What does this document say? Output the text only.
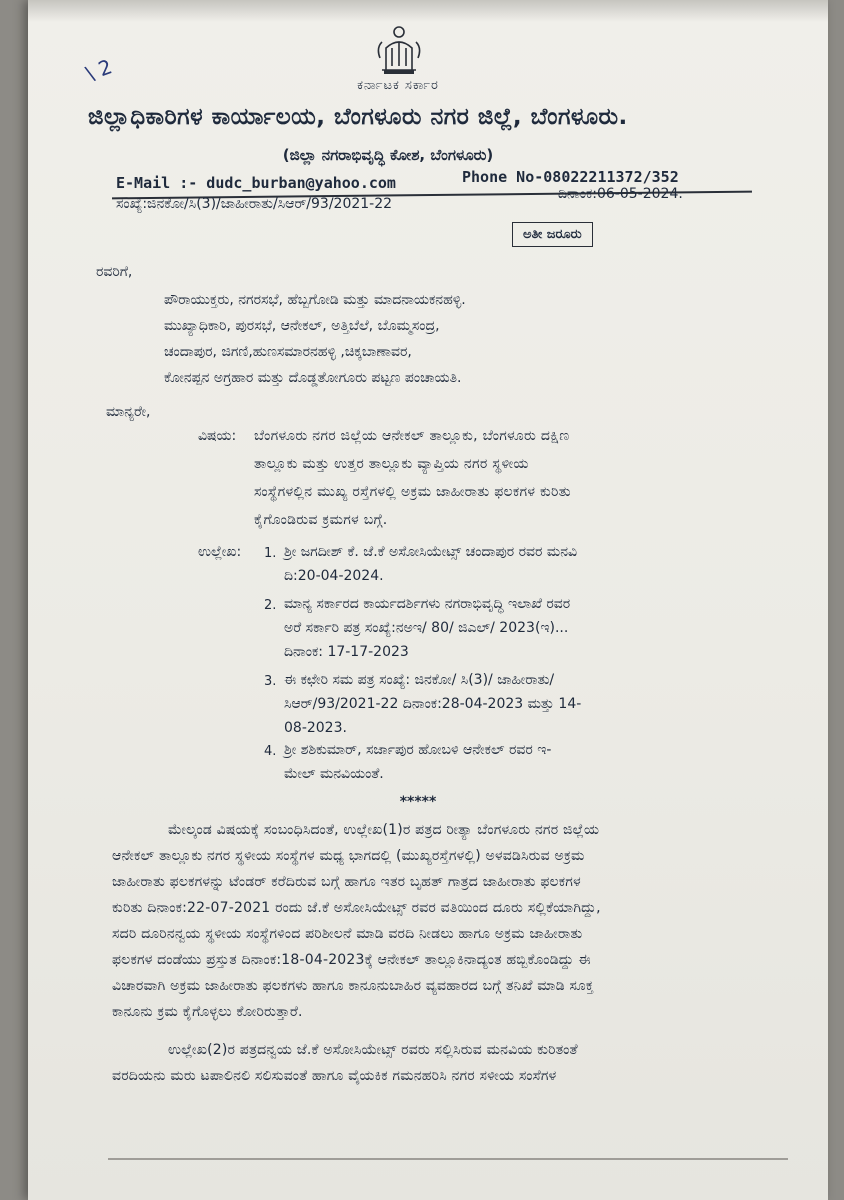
\ 2	ಕರ್ನಾಟಕ ಸರ್ಕಾರ
ಜಿಲ್ಲಾಧಿಕಾರಿಗಳ ಕಾರ್ಯಾಲಯ, ಬೆಂಗಳೂರು ನಗರ ಜಿಲ್ಲೆ, ಬೆಂಗಳೂರು.
(ಜಿಲ್ಲಾ ನಗರಾಭಿವೃದ್ಧಿ ಕೋಶ, ಬೆಂಗಳೂರು)
Phone No-08022211372/352
E-Mail :- dudc_burban@yahoo.com
ಸಂಖ್ಯೆ:ಜಿನಕೋ/ಸಿ(3)/ಜಾಹೀರಾತು/ಸಿಆರ್/93/2021-22
ದಿನಾಂಕ:06-05-2024.
ಅತೀ ಜರೂರು
ರವರಿಗೆ,
ಪೌರಾಯುಕ್ತರು, ನಗರಸಭೆ, ಹೆಬ್ಬಗೋಡಿ ಮತ್ತು ಮಾದನಾಯಕನಹಳ್ಳಿ.
ಮುಖ್ಯಾಧಿಕಾರಿ, ಪುರಸಭೆ, ಆನೇಕಲ್, ಅತ್ತಿಬೆಲೆ, ಬೊಮ್ಮಸಂದ್ರ,
ಚಂದಾಪುರ, ಜಿಗಣಿ,ಹುಣಸಮಾರನಹಳ್ಳಿ ,ಚಿಕ್ಕಬಾಣಾವರ,
ಕೋನಪ್ಪನ ಅಗ್ರಹಾರ ಮತ್ತು ದೊಡ್ಡತೋಗೂರು ಪಟ್ಟಣ ಪಂಚಾಯತಿ.
ಮಾನ್ಯರೇ,
ವಿಷಯ: ಬೆಂಗಳೂರು ನಗರ ಜಿಲ್ಲೆಯ ಆನೇಕಲ್ ತಾಲ್ಲೂಕು, ಬೆಂಗಳೂರು ದಕ್ಷಿಣ
ತಾಲ್ಲೂಕು ಮತ್ತು ಉತ್ತರ ತಾಲ್ಲೂಕು ವ್ಯಾಪ್ತಿಯ ನಗರ ಸ್ಥಳೀಯ
ಸಂಸ್ಥೆಗಳಲ್ಲಿನ ಮುಖ್ಯ ರಸ್ತೆಗಳಲ್ಲಿ ಅಕ್ರಮ ಜಾಹೀರಾತು ಫಲಕಗಳ ಕುರಿತು
ಕೈಗೊಂಡಿರುವ ಕ್ರಮಗಳ ಬಗ್ಗೆ.
ಉಲ್ಲೇಖ: 1. ಶ್ರೀ ಜಗದೀಶ್ ಕೆ. ಜೆ.ಕೆ ಅಸೋಸಿಯೇಟ್ಸ್ ಚಂದಾಪುರ ರವರ ಮನವಿ
ದಿ:20-04-2024.
2. ಮಾನ್ಯ ಸರ್ಕಾರದ ಕಾರ್ಯದರ್ಶಿಗಳು ನಗರಾಭಿವೃದ್ಧಿ ಇಲಾಖೆ ರವರ
ಅರೆ ಸರ್ಕಾರಿ ಪತ್ರ ಸಂಖ್ಯೆ:ನಅಇ/ 80/ ಜಿಎಲ್/ 2023(ಇ)...
ದಿನಾಂಕ: 17-17-2023
3. ಈ ಕಛೇರಿ ಸಮ ಪತ್ರ ಸಂಖ್ಯೆ: ಜಿನಕೋ/ ಸಿ(3)/ ಜಾಹೀರಾತು/
ಸಿಆರ್/93/2021-22 ದಿನಾಂಕ:28-04-2023 ಮತ್ತು 14-
08-2023.
4. ಶ್ರೀ ಶಶಿಕುಮಾರ್, ಸರ್ಜಾಪುರ ಹೋಬಳಿ ಆನೇಕಲ್ ರವರ ಇ-
ಮೇಲ್ ಮನವಿಯಂತೆ.
*****
ಮೇಲ್ಕಂಡ ವಿಷಯಕ್ಕೆ ಸಂಬಂಧಿಸಿದಂತೆ, ಉಲ್ಲೇಖ(1)ರ ಪತ್ರದ ರೀತ್ಯಾ ಬೆಂಗಳೂರು ನಗರ ಜಿಲ್ಲೆಯ
ಆನೇಕಲ್ ತಾಲ್ಲೂಕು ನಗರ ಸ್ಥಳೀಯ ಸಂಸ್ಥೆಗಳ ಮಧ್ಯ ಭಾಗದಲ್ಲಿ (ಮುಖ್ಯರಸ್ತೆಗಳಲ್ಲಿ) ಅಳವಡಿಸಿರುವ ಅಕ್ರಮ
ಜಾಹೀರಾತು ಫಲಕಗಳನ್ನು ಟೆಂಡರ್ ಕರೆದಿರುವ ಬಗ್ಗೆ ಹಾಗೂ ಇತರ ಬೃಹತ್ ಗಾತ್ರದ ಜಾಹೀರಾತು ಫಲಕಗಳ
ಕುರಿತು ದಿನಾಂಕ:22-07-2021 ರಂದು ಜೆ.ಕೆ ಅಸೋಸಿಯೇಟ್ಸ್ ರವರ ವತಿಯಿಂದ ದೂರು ಸಲ್ಲಿಕೆಯಾಗಿದ್ದು,
ಸದರಿ ದೂರಿನನ್ವಯ ಸ್ಥಳೀಯ ಸಂಸ್ಥೆಗಳಿಂದ ಪರಿಶೀಲನೆ ಮಾಡಿ ವರದಿ ನೀಡಲು ಹಾಗೂ ಅಕ್ರಮ ಜಾಹೀರಾತು
ಫಲಕಗಳ ದಂಡೆಯು ಪ್ರಸ್ತುತ ದಿನಾಂಕ:18-04-2023ಕ್ಕೆ ಆನೇಕಲ್ ತಾಲ್ಲೂಕಿನಾದ್ಯಂತ ಹಬ್ಬಿಕೊಂಡಿದ್ದು ಈ
ವಿಚಾರವಾಗಿ ಅಕ್ರಮ ಜಾಹೀರಾತು ಫಲಕಗಳು ಹಾಗೂ ಕಾನೂನುಬಾಹಿರ ವ್ಯವಹಾರದ ಬಗ್ಗೆ ತನಿಖೆ ಮಾಡಿ ಸೂಕ್ತ
ಕಾನೂನು ಕ್ರಮ ಕೈಗೊಳ್ಳಲು ಕೋರಿರುತ್ತಾರೆ.
ಉಲ್ಲೇಖ(2)ರ ಪತ್ರದನ್ವಯ ಜೆ.ಕೆ ಅಸೋಸಿಯೇಟ್ಸ್ ರವರು ಸಲ್ಲಿಸಿರುವ ಮನವಿಯ ಕುರಿತಂತೆ
ವರದಿಯನು ಮರು ಟಪಾಲಿನಲಿ ಸಲಿಸುವಂತೆ ಹಾಗೂ ವೈಯಕಿಕ ಗಮನಹರಿಸಿ ನಗರ ಸಳೀಯ ಸಂಸೆಗಳ
